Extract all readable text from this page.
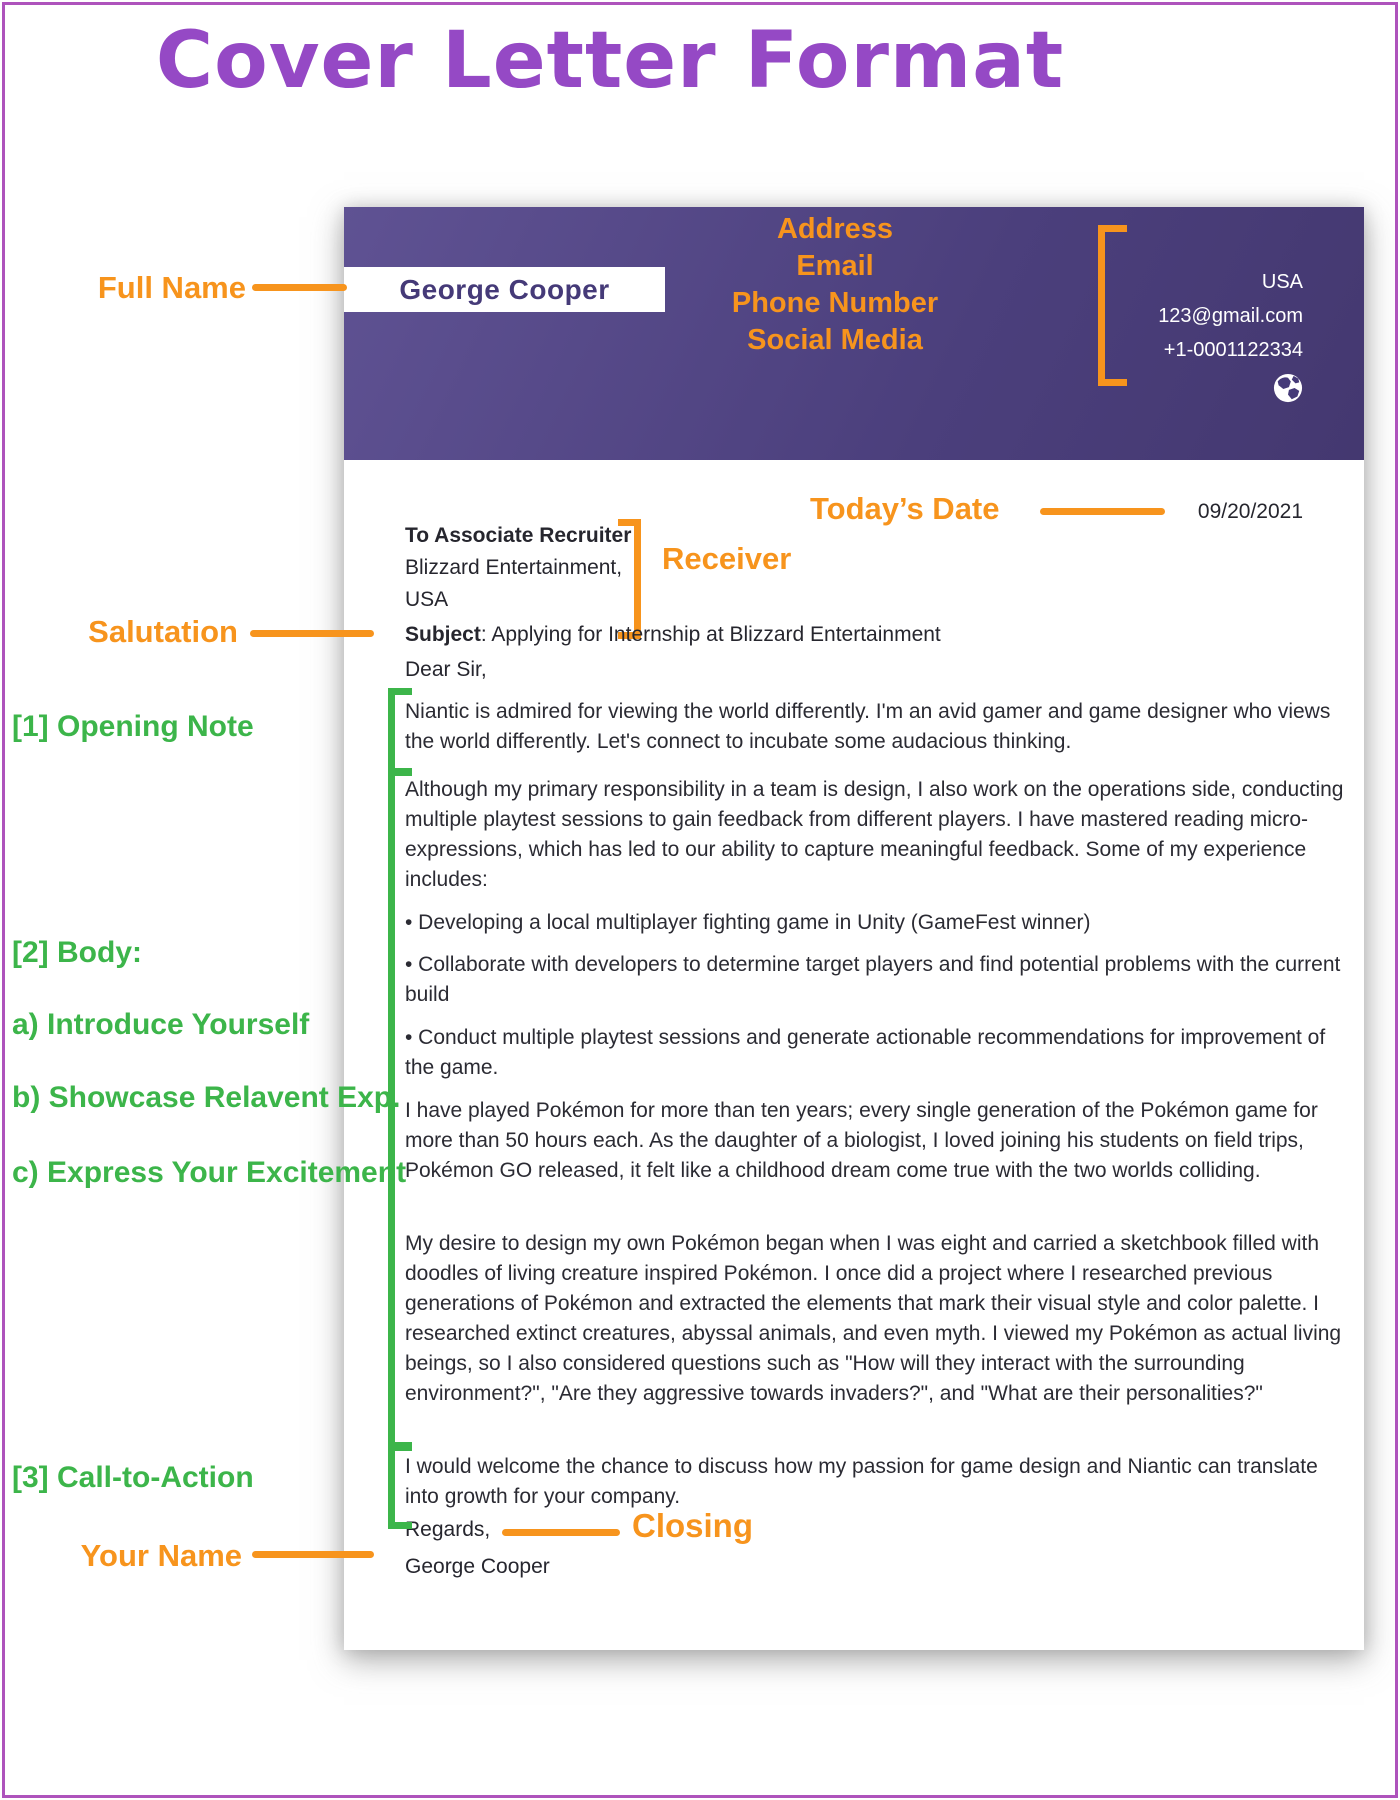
Cover Letter Format
George Cooper
Address
Email
Phone Number
Social Media
USA
123@gmail.com
+1-0001122334
09/20/2021
Today’s Date
To Associate Recruiter
Blizzard Entertainment,
USA
Receiver
Subject: Applying for Internship at Blizzard Entertainment
Dear Sir,

Niantic is admired for viewing the world differently. I'm an avid gamer and game designer who views the world differently. Let's connect to incubate some audacious thinking.

Although my primary responsibility in a team is design, I also work on the operations side, conducting multiple playtest sessions to gain feedback from different players. I have mastered reading micro-expressions, which has led to our ability to capture meaningful feedback. Some of my experience includes:

• Developing a local multiplayer fighting game in Unity (GameFest winner)

• Collaborate with developers to determine target players and find potential problems with the current build

• Conduct multiple playtest sessions and generate actionable recommendations for improvement of the game.

I have played Pokémon for more than ten years; every single generation of the Pokémon game for more than 50 hours each. As the daughter of a biologist, I loved joining his students on field trips, Pokémon GO released, it felt like a childhood dream come true with the two worlds colliding.

My desire to design my own Pokémon began when I was eight and carried a sketchbook filled with doodles of living creature inspired Pokémon. I once did a project where I researched previous generations of Pokémon and extracted the elements that mark their visual style and color palette. I researched extinct creatures, abyssal animals, and even myth. I viewed my Pokémon as actual living beings, so I also considered questions such as "How will they interact with the surrounding environment?", "Are they aggressive towards invaders?", and "What are their personalities?"

I would welcome the chance to discuss how my passion for game design and Niantic can translate into growth for your company.

Regards,	Closing
George Cooper
Full Name
Salutation
Your Name
[1] Opening Note
[2] Body:
a) Introduce Yourself
b) Showcase Relavent Exp.
c) Express Your Excitement
[3] Call-to-Action
